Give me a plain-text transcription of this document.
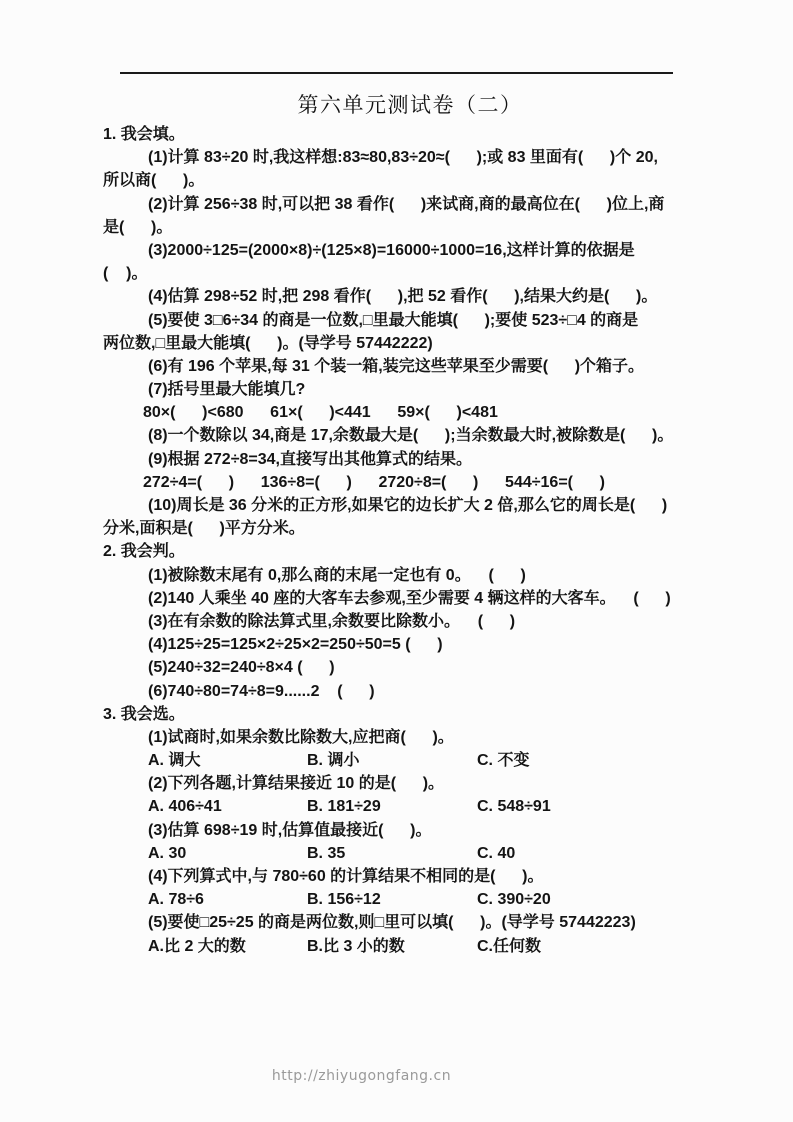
第六单元测试卷（二）
1. 我会填。
(1)计算 83÷20 时,我这样想:83≈80,83÷20≈(      );或 83 里面有(      )个 20,
所以商(      )。
(2)计算 256÷38 时,可以把 38 看作(      )来试商,商的最高位在(      )位上,商
是(      )。
(3)2000÷125=(2000×8)÷(125×8)=16000÷1000=16,这样计算的依据是
(    )。
(4)估算 298÷52 时,把 298 看作(      ),把 52 看作(      ),结果大约是(      )。
(5)要使 3□6÷34 的商是一位数,□里最大能填(      );要使 523÷□4 的商是
两位数,□里最大能填(      )。(导学号 57442222)
(6)有 196 个苹果,每 31 个装一箱,装完这些苹果至少需要(      )个箱子。
(7)括号里最大能填几?
80×(      )<680      61×(      )<441      59×(      )<481
(8)一个数除以 34,商是 17,余数最大是(      );当余数最大时,被除数是(      )。
(9)根据 272÷8=34,直接写出其他算式的结果。
272÷4=(      )      136÷8=(      )      2720÷8=(      )      544÷16=(      )
(10)周长是 36 分米的正方形,如果它的边长扩大 2 倍,那么它的周长是(      )
分米,面积是(      )平方分米。
2. 我会判。
(1)被除数末尾有 0,那么商的末尾一定也有 0。    (      )
(2)140 人乘坐 40 座的大客车去参观,至少需要 4 辆这样的大客车。    (      )
(3)在有余数的除法算式里,余数要比除数小。    (      )
(4)125÷25=125×2÷25×2=250÷50=5 (      )
(5)240÷32=240÷8×4 (      )
(6)740÷80=74÷8=9......2    (      )
3. 我会选。
(1)试商时,如果余数比除数大,应把商(      )。
A. 调大	B. 调小	C. 不变
(2)下列各题,计算结果接近 10 的是(      )。
A. 406÷41	B. 181÷29	C. 548÷91
(3)估算 698÷19 时,估算值最接近(      )。
A. 30	B. 35	C. 40
(4)下列算式中,与 780÷60 的计算结果不相同的是(      )。
A. 78÷6	B. 156÷12	C. 390÷20
(5)要使□25÷25 的商是两位数,则□里可以填(      )。(导学号 57442223)
A.比 2 大的数	B.比 3 小的数	C.任何数
http://zhiyugongfang.cn
